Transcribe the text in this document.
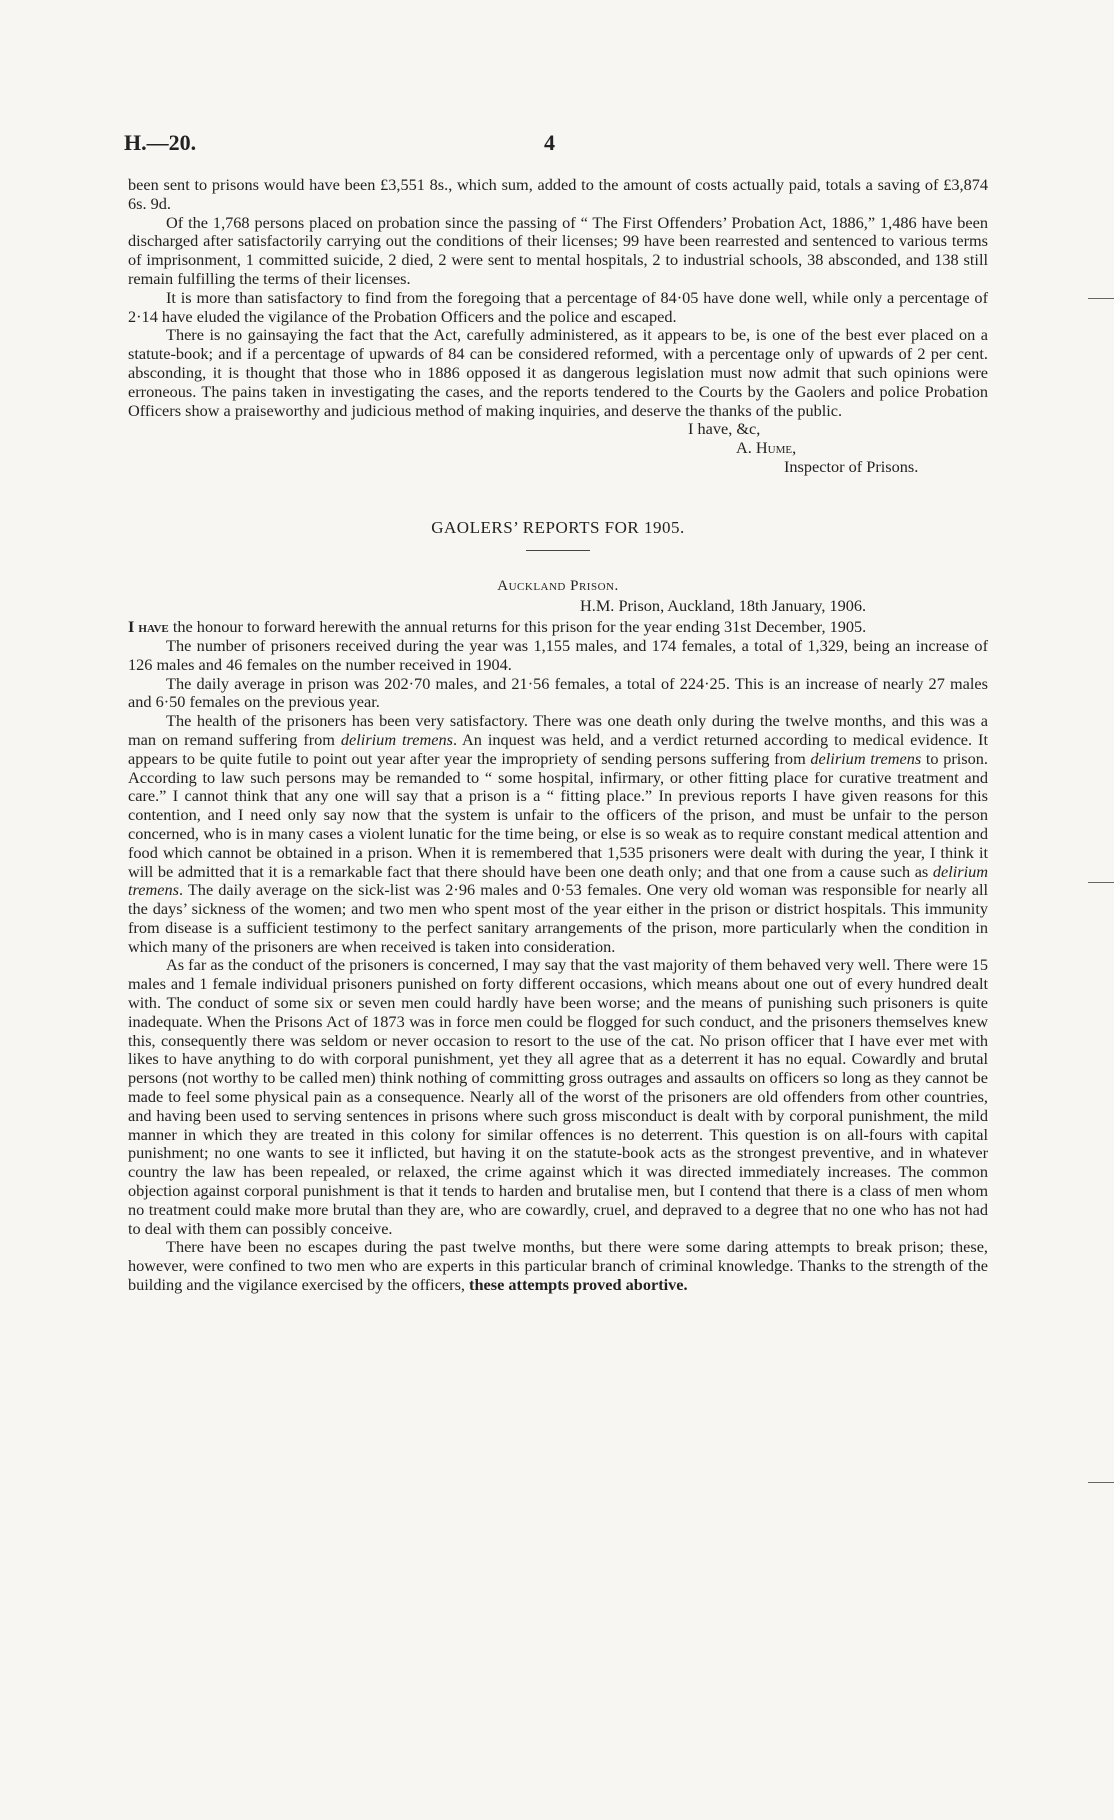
H.—20.	4

been sent to prisons would have been £3,551 8s., which sum, added to the amount of costs actually paid, totals a saving of £3,874 6s. 9d.

Of the 1,768 persons placed on probation since the passing of “ The First Offenders’ Probation Act, 1886,” 1,486 have been discharged after satisfactorily carrying out the conditions of their licenses; 99 have been rearrested and sentenced to various terms of imprisonment, 1 committed suicide, 2 died, 2 were sent to mental hospitals, 2 to industrial schools, 38 absconded, and 138 still remain fulfilling the terms of their licenses.

It is more than satisfactory to find from the foregoing that a percentage of 84·05 have done well, while only a percentage of 2·14 have eluded the vigilance of the Probation Officers and the police and escaped.

There is no gainsaying the fact that the Act, carefully administered, as it appears to be, is one of the best ever placed on a statute-book; and if a percentage of upwards of 84 can be considered reformed, with a percentage only of upwards of 2 per cent. absconding, it is thought that those who in 1886 opposed it as dangerous legislation must now admit that such opinions were erroneous. The pains taken in investigating the cases, and the reports tendered to the Courts by the Gaolers and police Probation Officers show a praiseworthy and judicious method of making inquiries, and deserve the thanks of the public.

I have, &c,
A. Hume,
Inspector of Prisons.
GAOLERS’ REPORTS FOR 1905.
Auckland Prison.
H.M. Prison, Auckland, 18th January, 1906.

I have the honour to forward herewith the annual returns for this prison for the year ending 31st December, 1905.

The number of prisoners received during the year was 1,155 males, and 174 females, a total of 1,329, being an increase of 126 males and 46 females on the number received in 1904.

The daily average in prison was 202·70 males, and 21·56 females, a total of 224·25. This is an increase of nearly 27 males and 6·50 females on the previous year.

The health of the prisoners has been very satisfactory. There was one death only during the twelve months, and this was a man on remand suffering from delirium tremens. An inquest was held, and a verdict returned according to medical evidence. It appears to be quite futile to point out year after year the impropriety of sending persons suffering from delirium tremens to prison. According to law such persons may be remanded to “ some hospital, infirmary, or other fitting place for curative treatment and care.” I cannot think that any one will say that a prison is a “ fitting place.” In previous reports I have given reasons for this contention, and I need only say now that the system is unfair to the officers of the prison, and must be unfair to the person concerned, who is in many cases a violent lunatic for the time being, or else is so weak as to require constant medical attention and food which cannot be obtained in a prison. When it is remembered that 1,535 prisoners were dealt with during the year, I think it will be admitted that it is a remarkable fact that there should have been one death only; and that one from a cause such as delirium tremens. The daily average on the sick-list was 2·96 males and 0·53 females. One very old woman was responsible for nearly all the days’ sickness of the women; and two men who spent most of the year either in the prison or district hospitals. This immunity from disease is a sufficient testimony to the perfect sanitary arrangements of the prison, more particularly when the condition in which many of the prisoners are when received is taken into consideration.

As far as the conduct of the prisoners is concerned, I may say that the vast majority of them behaved very well. There were 15 males and 1 female individual prisoners punished on forty different occasions, which means about one out of every hundred dealt with. The conduct of some six or seven men could hardly have been worse; and the means of punishing such prisoners is quite inadequate. When the Prisons Act of 1873 was in force men could be flogged for such conduct, and the prisoners themselves knew this, consequently there was seldom or never occasion to resort to the use of the cat. No prison officer that I have ever met with likes to have anything to do with corporal punishment, yet they all agree that as a deterrent it has no equal. Cowardly and brutal persons (not worthy to be called men) think nothing of committing gross outrages and assaults on officers so long as they cannot be made to feel some physical pain as a consequence. Nearly all of the worst of the prisoners are old offenders from other countries, and having been used to serving sentences in prisons where such gross misconduct is dealt with by corporal punishment, the mild manner in which they are treated in this colony for similar offences is no deterrent. This question is on all-fours with capital punishment; no one wants to see it inflicted, but having it on the statute-book acts as the strongest preventive, and in whatever country the law has been repealed, or relaxed, the crime against which it was directed immediately increases. The common objection against corporal punishment is that it tends to harden and brutalise men, but I contend that there is a class of men whom no treatment could make more brutal than they are, who are cowardly, cruel, and depraved to a degree that no one who has not had to deal with them can possibly conceive.

There have been no escapes during the past twelve months, but there were some daring attempts to break prison; these, however, were confined to two men who are experts in this particular branch of criminal knowledge. Thanks to the strength of the building and the vigilance exercised by the officers, these attempts proved abortive.
